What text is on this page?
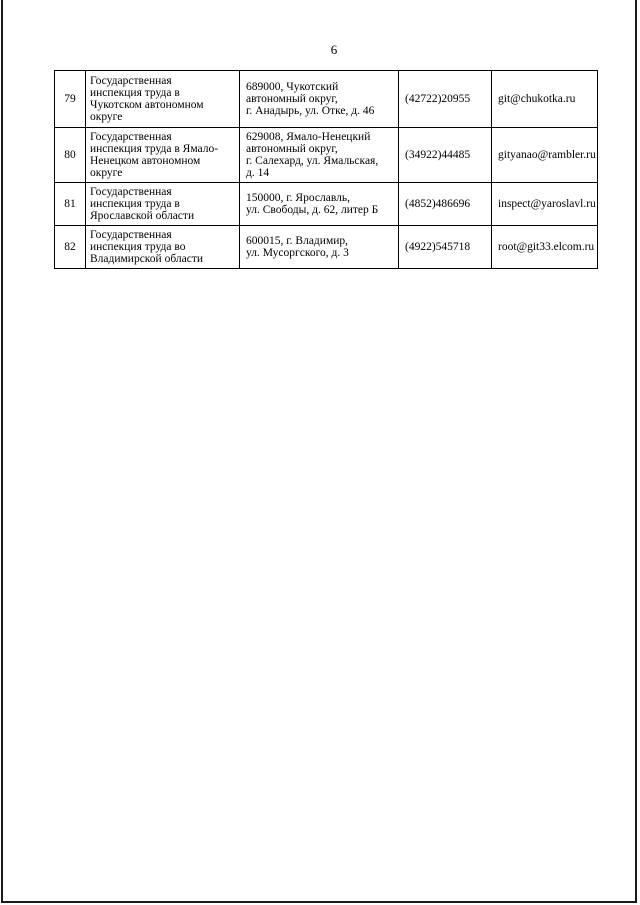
6
79	Государственная
инспекция труда в
Чукотском автономном
округе	689000, Чукотский
автономный округ,
г. Анадырь, ул. Отке, д. 46	(42722)20955	git@chukotka.ru
80	Государственная
инспекция труда в Ямало-
Ненецком автономном
округе	629008, Ямало-Ненецкий
автономный округ,
г. Салехард, ул. Ямальская,
д. 14	(34922)44485	gityanao@rambler.ru
81	Государственная
инспекция труда в
Ярославской области	150000, г. Ярославль,
ул. Свободы, д. 62, литер Б	(4852)486696	inspect@yaroslavl.ru
82	Государственная
инспекция труда во
Владимирской области	600015, г. Владимир,
ул. Мусоргского, д. 3	(4922)545718	root@git33.elcom.ru
